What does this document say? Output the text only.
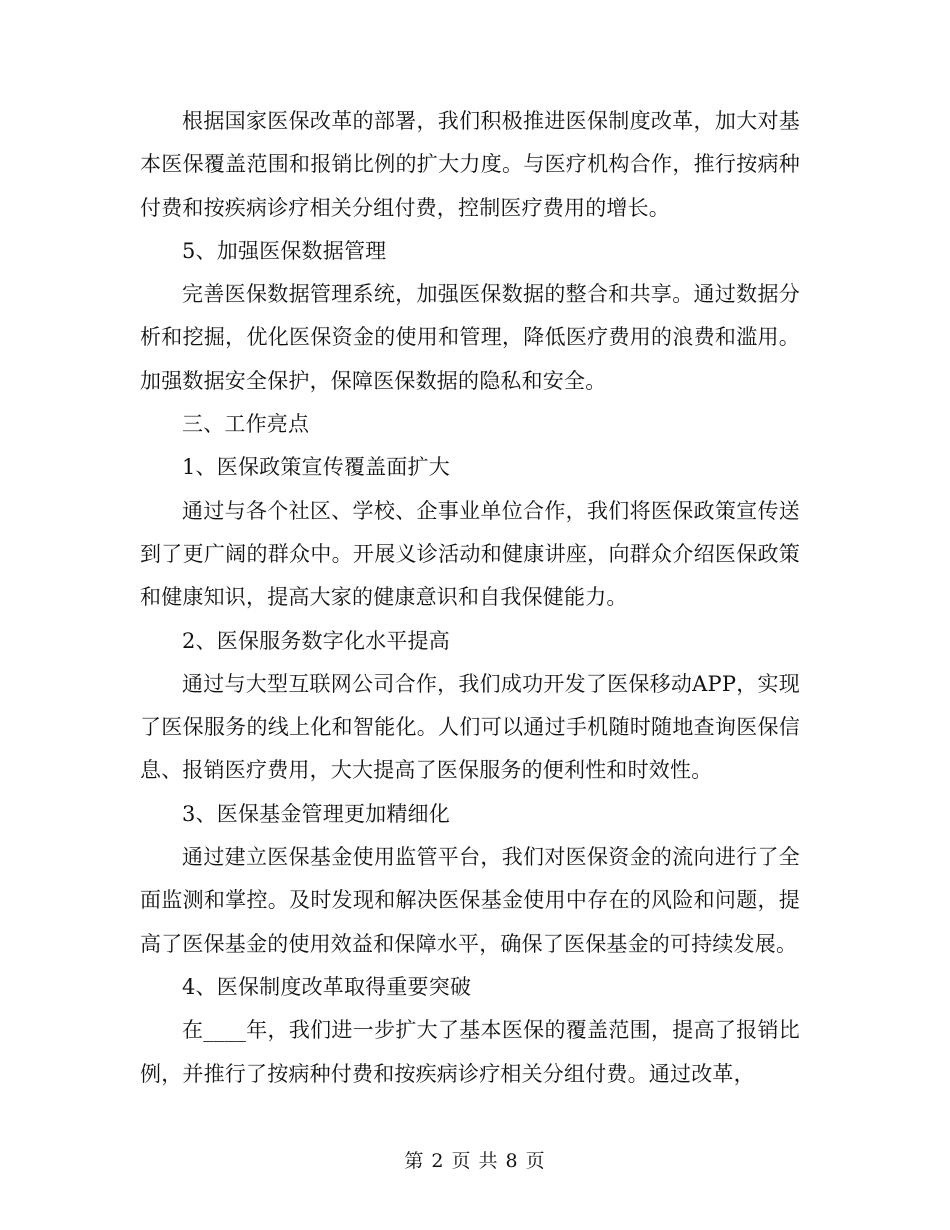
根据国家医保改革的部署，我们积极推进医保制度改革，加大对基本医保覆盖范围和报销比例的扩大力度。与医疗机构合作，推行按病种付费和按疾病诊疗相关分组付费，控制医疗费用的增长。

5、加强医保数据管理

完善医保数据管理系统，加强医保数据的整合和共享。通过数据分析和挖掘，优化医保资金的使用和管理，降低医疗费用的浪费和滥用。加强数据安全保护，保障医保数据的隐私和安全。

三、工作亮点

1、医保政策宣传覆盖面扩大

通过与各个社区、学校、企事业单位合作，我们将医保政策宣传送到了更广阔的群众中。开展义诊活动和健康讲座，向群众介绍医保政策和健康知识，提高大家的健康意识和自我保健能力。

2、医保服务数字化水平提高

通过与大型互联网公司合作，我们成功开发了医保移动APP，实现了医保服务的线上化和智能化。人们可以通过手机随时随地查询医保信息、报销医疗费用，大大提高了医保服务的便利性和时效性。

3、医保基金管理更加精细化

通过建立医保基金使用监管平台，我们对医保资金的流向进行了全面监测和掌控。及时发现和解决医保基金使用中存在的风险和问题，提高了医保基金的使用效益和保障水平，确保了医保基金的可持续发展。

4、医保制度改革取得重要突破

在____年，我们进一步扩大了基本医保的覆盖范围，提高了报销比例，并推行了按病种付费和按疾病诊疗相关分组付费。通过改革，

第 2 页 共 8 页
